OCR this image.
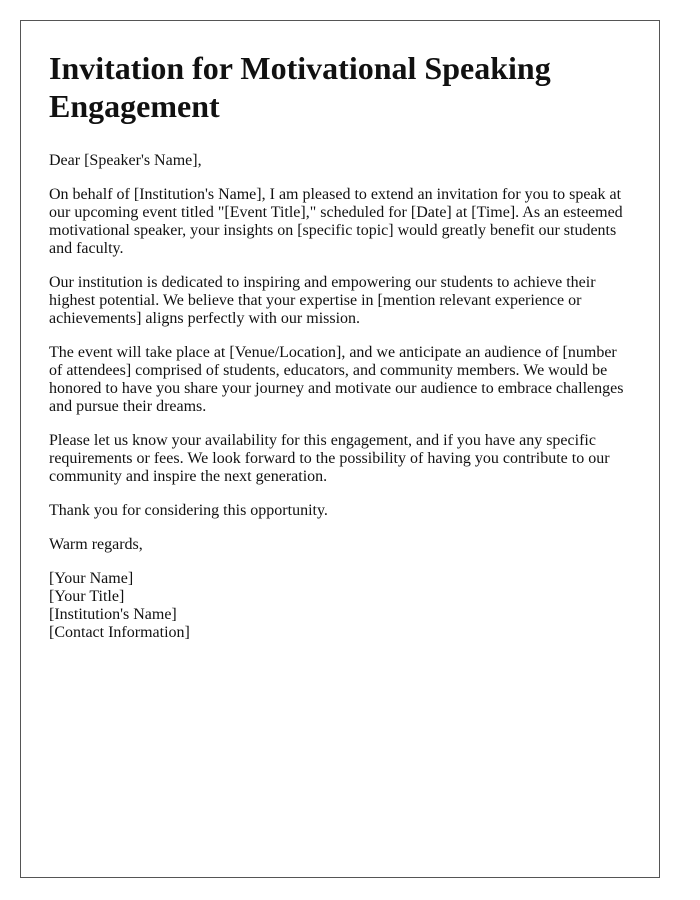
Invitation for Motivational Speaking Engagement

Dear [Speaker's Name],

On behalf of [Institution's Name], I am pleased to extend an invitation for you to speak at our upcoming event titled "[Event Title]," scheduled for [Date] at [Time]. As an esteemed motivational speaker, your insights on [specific topic] would greatly benefit our students and faculty.

Our institution is dedicated to inspiring and empowering our students to achieve their highest potential. We believe that your expertise in [mention relevant experience or achievements] aligns perfectly with our mission.

The event will take place at [Venue/Location], and we anticipate an audience of [number of attendees] comprised of students, educators, and community members. We would be honored to have you share your journey and motivate our audience to embrace challenges and pursue their dreams.

Please let us know your availability for this engagement, and if you have any specific requirements or fees. We look forward to the possibility of having you contribute to our community and inspire the next generation.

Thank you for considering this opportunity.

Warm regards,

[Your Name]
[Your Title]
[Institution's Name]
[Contact Information]
